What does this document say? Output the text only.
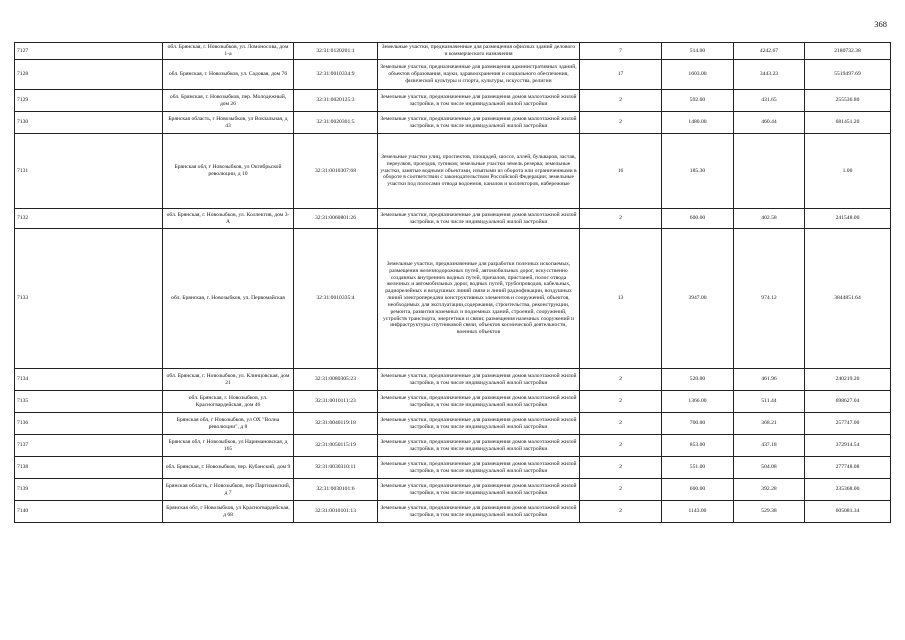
368
7127	обл. Брянская, г. Новозыбков, ул. Ломоносова, дом 1-а	32:31:0120201:1	Земельные участки, предназначенные для размещения офисных зданий делового и коммерческого назначения	7	514.00	4242.67	2180732.38
7128	обл. Брянская, г. Новозыбков, ул. Садовая, дом 76	32:31:0010334:9	Земельные участки, предназначенные для размещения административных зданий, объектов образования, науки, здравоохранения и социального обеспечения, физической культуры и спорта, культуры, искусства, религии	17	1603.00	3443.23	5519497.69
7129	обл. Брянская, г. Новозыбков, пер. Молодежный, дом 26	32:31:0020125:3	Земельные участки, предназначенные для размещения домов малоэтажной жилой застройки, в том числе индивидуальной жилой застройки	2	592.00	431.65	255536.80
7130	Брянская область, г Новозыбков, ул Вокзальная, д 43	32:31:0020301:5	Земельные участки, предназначенные для размещения домов малоэтажной жилой застройки, в том числе индивидуальной жилой застройки	2	1480.00	460.44	681451.20
7131	Брянская обл, г Новозыбков, ул Октябрьской революции, д 10	32:31:0010307:68	Земельные участки улиц, проспектов, площадей, шоссе, аллей, бульваров, застав, переулков, проездов, тупиков; земельные участки земель резерва; земельные участки, занятые водными объектами, изъятыми из оборота или ограниченными в обороте в соответствии с законодательством Российской Федерации; земельные участки под полосами отвода водоемов, каналов и коллекторов, набережные	16	185.30		1.00
7132	обл. Брянская, г. Новозыбков, ул. Коллектив, дом 3-А	32:31:0060801:26	Земельные участки, предназначенные для размещения домов малоэтажной жилой застройки, в том числе индивидуальной жилой застройки	2	600.00	402.58	241548.00
7133	обл. Брянская, г. Новозыбков, ул. Первомайская	32:31:0010335:4	Земельные участки, предназначенные для разработки полезных ископаемых, размещения железнодорожных путей, автомобильных дорог, искусственно созданных внутренних водных путей, причалов, пристаней, полос отвода железных и автомобильных дорог, водных путей, трубопроводов, кабельных, радиорелейных и воздушных линий связи и линий радиофикации, воздушных линий электропередачи конструктивных элементов и сооружений, объектов, необходимых для эксплуатации,содержания, строительства, реконструкции, ремонта, развития наземных и подземных зданий, строений, сооружений, устройств транспорта, энергетики и связи; размещения наземных сооружений и инфраструктуры спутниковой связи, объектов космической деятельности, военных объектов	13	3947.00	974.12	3844851.64
7134	обл. Брянская, г. Новозыбков, ул. Клинцовская, дом 21	32:31:0080305:23	Земельные участки, предназначенные для размещения домов малоэтажной жилой застройки, в том числе индивидуальной жилой застройки	2	520.00	461.96	240219.20
7135	обл. Брянская, г. Новозыбков, ул. Красногвардейская, дом 46	32:31:0010111:23	Земельные участки, предназначенные для размещения домов малоэтажной жилой застройки, в том числе индивидуальной жилой застройки	2	1366.00	511.44	698627.04
7136	Брянская обл, г Новозыбков, ул ОХ "Волна революции", д 8	32:31:0040119:18	Земельные участки, предназначенные для размещения домов малоэтажной жилой застройки, в том числе индивидуальной жилой застройки	2	700.00	368.21	257747.00
7137	Брянская обл, г Новозыбков, ул Наримановская, д 165	32:31:0050115:19	Земельные участки, предназначенные для размещения домов малоэтажной жилой застройки, в том числе индивидуальной жилой застройки	2	853.00	437.18	372914.54
7138	обл. Брянская, г. Новозыбков, пер. Кубанский, дом 9	32:31:0030310:11	Земельные участки, предназначенные для размещения домов малоэтажной жилой застройки, в том числе индивидуальной жилой застройки	2	551.00	504.08	277748.08
7139	Брянская область, г Новозыбков, пер Партизанский, д 7	32:31:0030101:6	Земельные участки, предназначенные для размещения домов малоэтажной жилой застройки, в том числе индивидуальной жилой застройки	2	600.00	392.28	235368.00
7140	Брянская обл, г Новозыбков, ул Красногвардейская, д 68	32:31:0010101:13	Земельные участки, предназначенные для размещения домов малоэтажной жилой застройки, в том числе индивидуальной жилой застройки	2	1143.00	529.38	605081.34
